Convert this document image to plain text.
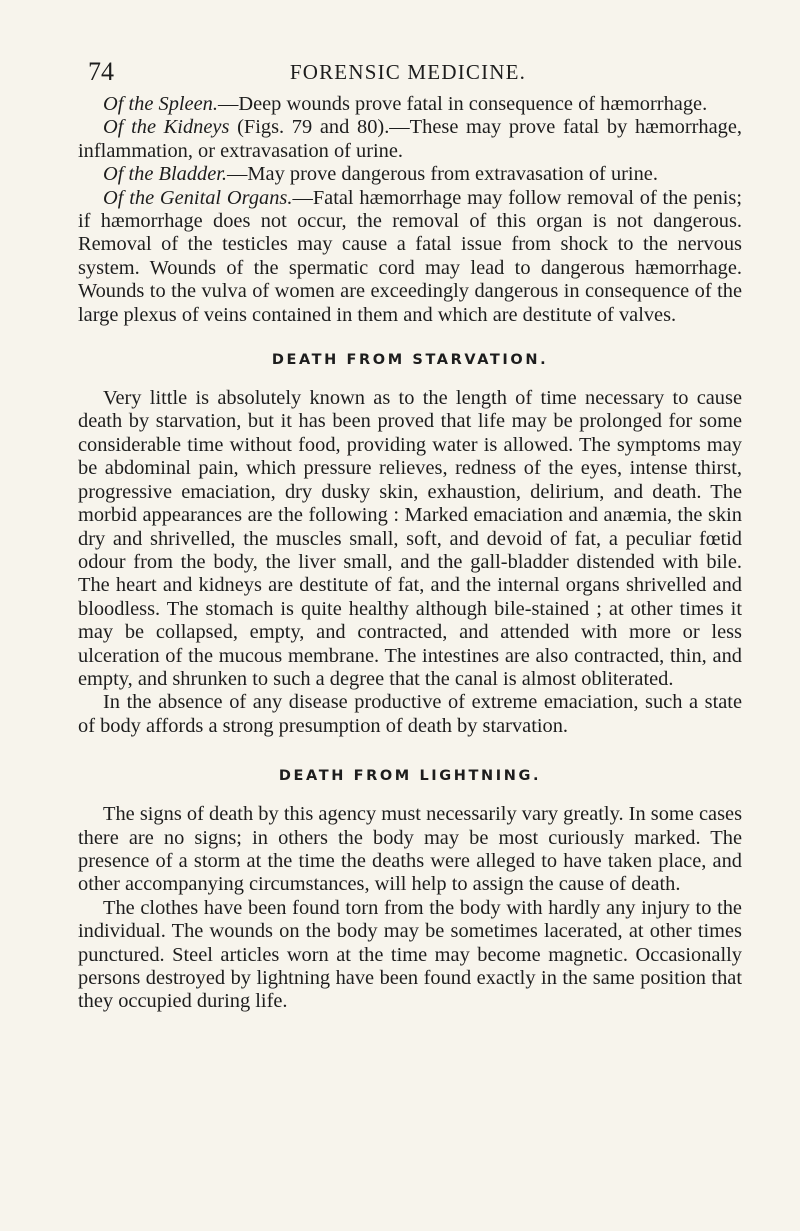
74	FORENSIC MEDICINE.

Of the Spleen.—Deep wounds prove fatal in consequence of hæmorrhage.

Of the Kidneys (Figs. 79 and 80).—These may prove fatal by hæmorrhage, inflammation, or extravasation of urine.

Of the Bladder.—May prove dangerous from extravasation of urine.

Of the Genital Organs.—Fatal hæmorrhage may follow removal of the penis; if hæmorrhage does not occur, the removal of this organ is not dangerous. Removal of the testicles may cause a fatal issue from shock to the nervous system. Wounds of the spermatic cord may lead to dangerous hæmorrhage. Wounds to the vulva of women are exceedingly dangerous in consequence of the large plexus of veins contained in them and which are destitute of valves.

DEATH FROM STARVATION.

Very little is absolutely known as to the length of time necessary to cause death by starvation, but it has been proved that life may be prolonged for some considerable time without food, providing water is allowed. The symptoms may be abdominal pain, which pressure relieves, redness of the eyes, intense thirst, progressive emaciation, dry dusky skin, exhaustion, delirium, and death. The morbid appearances are the following : Marked emaciation and anæmia, the skin dry and shrivelled, the muscles small, soft, and devoid of fat, a peculiar fœtid odour from the body, the liver small, and the gall-bladder distended with bile. The heart and kidneys are destitute of fat, and the internal organs shrivelled and bloodless. The stomach is quite healthy although bile-stained ; at other times it may be collapsed, empty, and contracted, and attended with more or less ulceration of the mucous membrane. The intestines are also contracted, thin, and empty, and shrunken to such a degree that the canal is almost obliterated.

In the absence of any disease productive of extreme emaciation, such a state of body affords a strong presumption of death by starvation.

DEATH FROM LIGHTNING.

The signs of death by this agency must necessarily vary greatly. In some cases there are no signs; in others the body may be most curiously marked. The presence of a storm at the time the deaths were alleged to have taken place, and other accompanying circumstances, will help to assign the cause of death.

The clothes have been found torn from the body with hardly any injury to the individual. The wounds on the body may be sometimes lacerated, at other times punctured. Steel articles worn at the time may become magnetic. Occasionally persons destroyed by lightning have been found exactly in the same position that they occupied during life.
